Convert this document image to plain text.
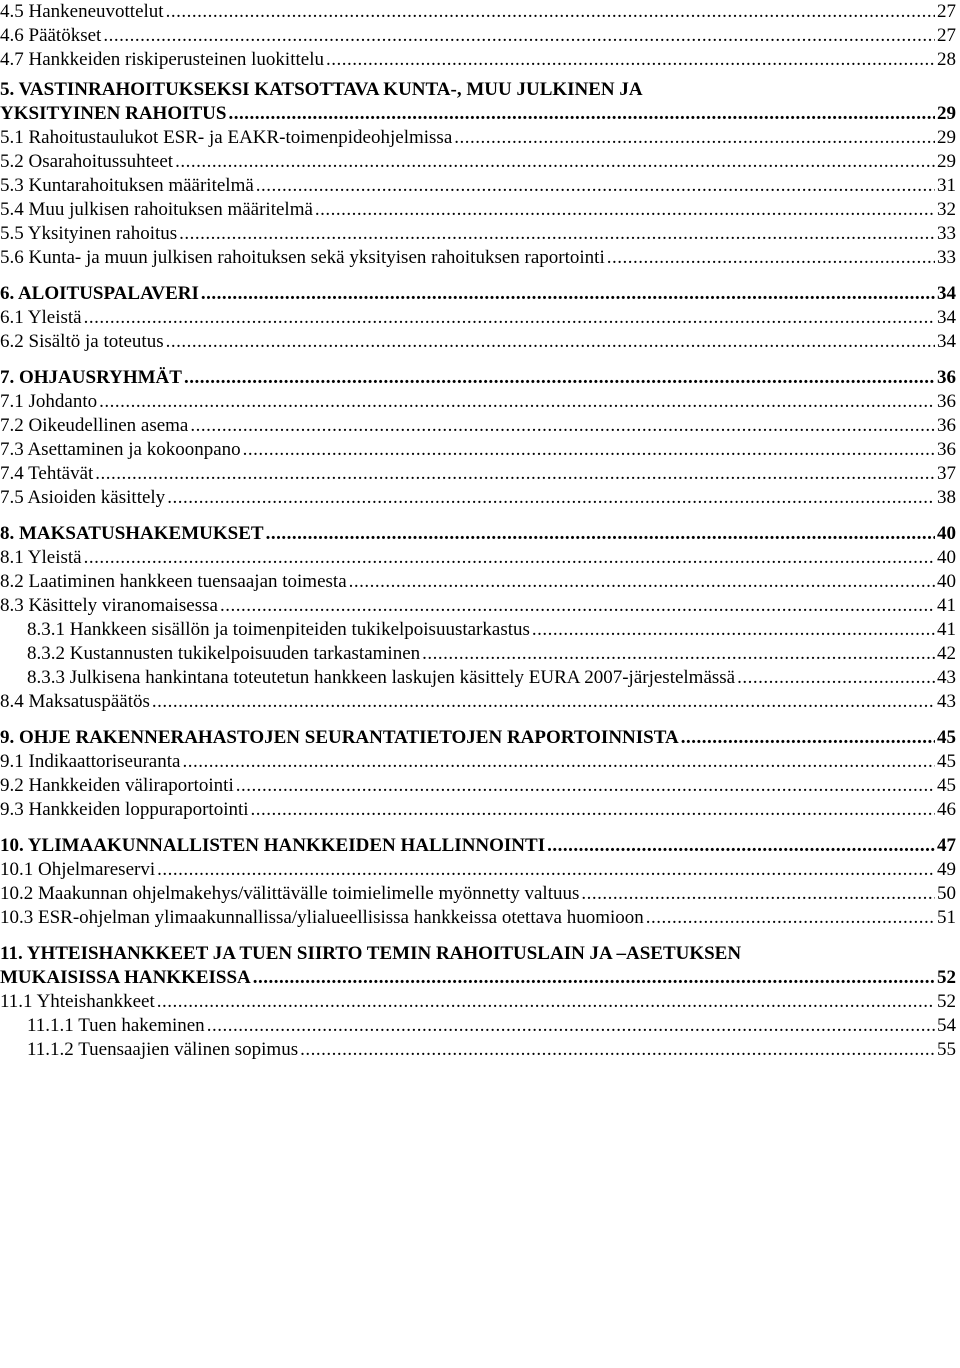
4.5 Hankeneuvottelut .....	27
4.6 Päätökset .....	27
4.7 Hankkeiden riskiperusteinen luokittelu .....	28
5. VASTINRAHOITUKSEKSI KATSOTTAVA KUNTA-, MUU JULKINEN JA
YKSITYINEN RAHOITUS .....	29
5.1 Rahoitustaulukot ESR- ja EAKR-toimenpideohjelmissa .....	29
5.2 Osarahoitussuhteet .....	29
5.3 Kuntarahoituksen määritelmä .....	31
5.4 Muu julkisen rahoituksen määritelmä .....	32
5.5 Yksityinen rahoitus .....	33
5.6 Kunta- ja muun julkisen rahoituksen sekä yksityisen rahoituksen raportointi .....	33
6. ALOITUSPALAVERI .....	34
6.1 Yleistä .....	34
6.2 Sisältö ja toteutus .....	34
7. OHJAUSRYHMÄT .....	36
7.1 Johdanto .....	36
7.2 Oikeudellinen asema .....	36
7.3 Asettaminen ja kokoonpano .....	36
7.4 Tehtävät .....	37
7.5 Asioiden käsittely .....	38
8. MAKSATUSHAKEMUKSET .....	40
8.1 Yleistä .....	40
8.2 Laatiminen hankkeen tuensaajan toimesta .....	40
8.3 Käsittely viranomaisessa .....	41
8.3.1 Hankkeen sisällön ja toimenpiteiden tukikelpoisuustarkastus .....	41
8.3.2 Kustannusten tukikelpoisuuden tarkastaminen .....	42
8.3.3 Julkisena hankintana toteutetun hankkeen laskujen käsittely EURA 2007-järjestelmässä .....	43
8.4 Maksatuspäätös .....	43
9. OHJE RAKENNERAHASTOJEN SEURANTATIETOJEN RAPORTOINNISTA .....	45
9.1 Indikaattoriseuranta .....	45
9.2 Hankkeiden väliraportointi .....	45
9.3 Hankkeiden loppuraportointi .....	46
10. YLIMAAKUNNALLISTEN HANKKEIDEN HALLINNOINTI .....	47
10.1 Ohjelmareservi .....	49
10.2 Maakunnan ohjelmakehys/välittävälle toimielimelle myönnetty valtuus .....	50
10.3 ESR-ohjelman ylimaakunnallissa/ylialueellisissa hankkeissa otettava huomioon .....	51
11. YHTEISHANKKEET JA TUEN SIIRTO TEMIN RAHOITUSLAIN JA –ASETUKSEN
MUKAISISSA HANKKEISSA .....	52
11.1 Yhteishankkeet .....	52
11.1.1 Tuen hakeminen .....	54
11.1.2 Tuensaajien välinen sopimus .....	55
